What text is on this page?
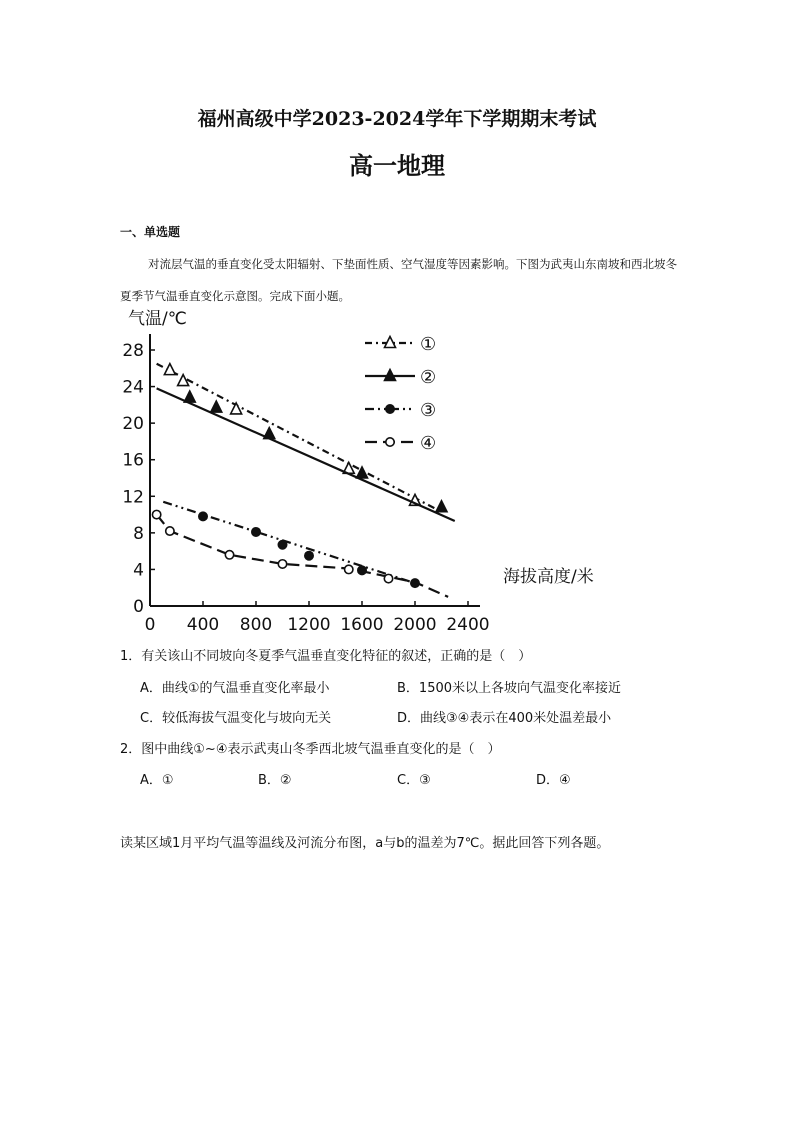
福州高级中学2023-2024学年下学期期末考试
高一地理
一、单选题
对流层气温的垂直变化受太阳辐射、下垫面性质、空气湿度等因素影响。下图为武夷山东南坡和西北坡冬夏季节气温垂直变化示意图。完成下面小题。
气温/℃
海拔高度/米
0
4
8
12
16
20
24
28
0 400 800 1200 1600 2000 2400
①
②
③
④
1．有关该山不同坡向冬夏季气温垂直变化特征的叙述，正确的是（　）
A．曲线①的气温垂直变化率最小	B．1500米以上各坡向气温变化率接近
C．较低海拔气温变化与坡向无关	D．曲线③④表示在400米处温差最小
2．图中曲线①~④表示武夷山冬季西北坡气温垂直变化的是（　）
A．①	B．②	C．③	D．④
读某区域1月平均气温等温线及河流分布图，a与b的温差为7℃。据此回答下列各题。
